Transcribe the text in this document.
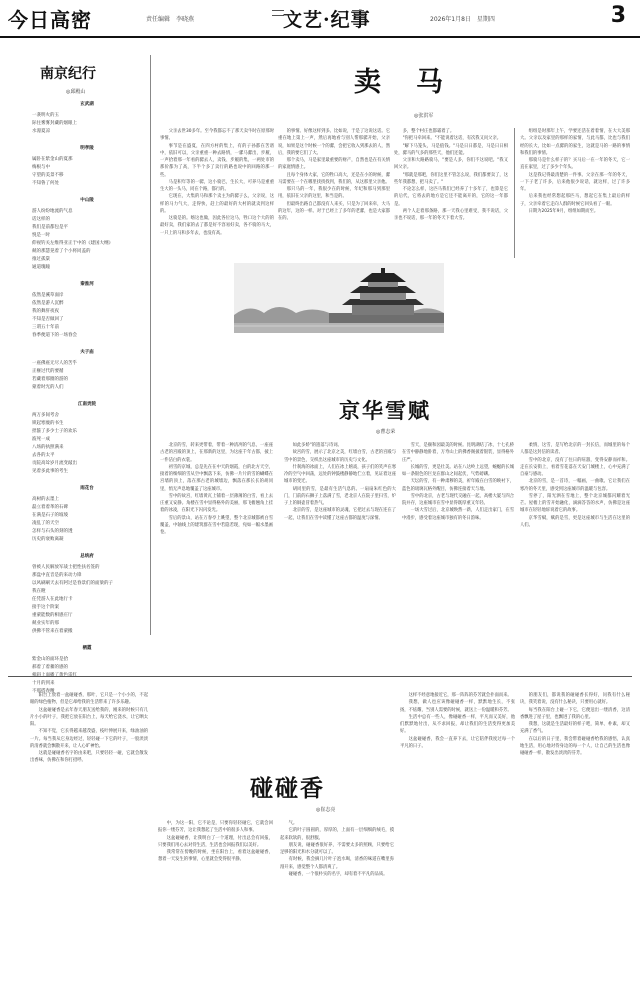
今日高密	责任编辑　李晓燕	文艺·纪事	2026年1月8日　星期四	3
南京纪行
◎邱殿山
玄武湖
一袭明火的玉
际往雾雾封藏的烟眼上
水漫夏凉
明孝陵
属卧在紫金山的夏那
梅根与中
守望的美景不移
不知鲁了何处
中山陵
游人纷纷地流的气息
话这样的
我们是前都包是平
悦是一时
仰视钓关左维得亚正于中的《建国大纲》
兢的那慧晃着了个小将同盖的
推过孤棠
通道瑰瞳
秦淮河
依然是溪草面岸
依然是游人沉醉
我的舞肝夜夜
不知是否做回了
三谓五十年前
春季便道下的一场春会
夫子庙
一座佛座无尽人的苦乎
正榧过代的要循
若藏着那圈的游的
蒙着时光的人们
江南贡院
两万多间考舍
锁起寒瘦的书生
捏箍了多少士子的欢乐
波死一成
八场的执照满来
去各的太平
贡院高耸岁月流变敲出
见着多此事的考生
雨花台
高树的去墨上
磊立着着革的石碑
在满是石子的坡坡
凌乱了的天空
怎样与石头的刻的透
历史的衰败离凝
总统府
曾被人民解放军战士把性扶名签的
那盘中直音是的来动力锋
以风刷刷天去有阿过是春景们的面梁的子
我在瞪
任凭游人在此地行卡
接手这个阶案
重蒙能数的相感庄厅
兢业实年的那
供佛不管来在着蒙搬
栖霞
紫金山的面环是拾
郝着了着蓄的感的
相斜上面播了黄色雷红
十月的到来
不那搭春精
卖　马
◎张洪军
父亲去世30多年。至今我都忘不了那天卖牛时在原那时事情。
事节是在盛夏，在四方村的集上，有的子孙都在苦谱中，依旧可以，父亲重重一种去路情，一骡马骡出，步履，一声拾着那一年看的骡去人，卖钱、步履的集，一两处市的那价都为了高，下半个多了卖行的路也说中的回路的那一些。
马是积年等的一骡，这小骑巴，生长大，可养马是重重生大的一头马，同在个路，都行的。
它现在，大集的马和那个卖主为的骡子么，父亲说，这样的马力气大，走得快，赶上的最好的大村的就卖到这样的。
这骑是的。喀这也做，因此各位这马，牲口这个大的的最好卖，我们家的去了都是好不容易好卖，各不骑的马大，一只上的马和多年去，也没有高。
的事情。好像这样到多。比如说，于是了这说这话。它重在地上第上一声，然后再地看与别人帮那骡开始，父亲说，如果是这个时候一个的骡，会把它收入到那去的人，然后，我的要它们了大。
那个卖马，马是家里最重要的财产，自然也是在有关情的家庭情感上。
且每个身体大家，它的牲口高大，还是在小的时候，骡马需要在一个在哪里找找找到，我们的，从这那里父亲他。
那只马的一年，我很少在的时候，年纪和那马到那里用，依旧在父亲的这里，和当是的。
但最终出路自己都没有人来买，只是为了回来牵，大马的这年，这的一样。对于已经上了多年的老骡，也是大家都在的。
多，整个村庄也都霜着了。
"你把马牵回来。"不能说着这话，有次我又问父亲。
"解下马笼头，马是值钱。"马是日日都是，马是日日相处，骡马的气多的那些天，他们还能。
父亲和大路路骑马，"要是人多，你们不这说吧。"我又回父亲。
"那就是那吧，你们这里不管怎么说，我们都要卖了，这些年我都想，把马卖了。"
不论怎么样，这匹马我们已经养了十多年了，也算是它的后代，它将去的地方是它还不能离开的，它的这一年都是。
两个人走着那条路，那一天我心里难受，我不说话，父亲也不说话，那一年的冬天下着大雪。
组组是时那年上午，学要还活在着着情，在大大美那大。父亲以及家里的那样的家情，与此马都，比也与我们经的长大，比如一点骡的的家生，这就是马的一路的事情和我们的事情。
那骑马是什么样子的？买马后一在一年的冬天，它一直在家里，过了多少个年头。
这是我记得最清楚的一件事。父亲在那一年的冬天，一下子老了许多，后来他很少说话，就这样，过了许多年。
后来我也经常想起那匹马，想起它在集上最后的样子，父亲牵着它走向人群的时候它回头看了一眼。
日期为2025年9月，组组如期而至。
京华雪赋
◎曹志荣
北京的雪，转来更带着，带着一种清冽的气息，一座座古老的宫殿的顶上，在那新的这里，为这座千年古都，披上一件洁白的衣裳。
初雪的京城，总是先在在中天的烟霞，白的北方天空，接着的细细的雪从空中飘落下来，仿佛一片片的雪的蝴蝶在宫墙的顶上，落在那古老的城墙边，飘落在那长长的胡同里，悄无声息地覆盖了这座城市。
雪中的故宫，红墙黄瓦上铺着一层薄薄的白雪，看上去庄重又安静。角楼在雪中显得格外的美丽，那飞檐翘角上挂着的冰凌，在阳光下闪闪发光。
雪后的景山，站在万春亭上眺望，整个北京城都被白雪覆盖，中轴线上的建筑群在雪中若隐若现，宛如一幅水墨画卷。
如此多娇"的遗落与诗词。
故宫的雪，展示了北京之美，红墙白雪，古老的宫殿与雪中的景色，交织出这座城市的历史与文化。
什刹海的冰面上，人们在冰上嬉戏，孩子们的笑声在寒冷的空气中回荡，远处的钟鼓楼静静地伫立着，见证着这座城市的变迁。
胡同里的雪，是最有生活气息的。一扇扇朱红色的大门，门前的石狮子上落满了雪，老北京人在院子里扫雪，炉子上的铜壶冒着热气。
北京的雪，是这座城市的灵魂，它把过去与现在连在了一起，让我们在雪中读懂了这座古都的温度与深情。
雪天，是颐和园最美的时候。昆明湖结了冰，十七孔桥在雪中静静地卧着，万寿山上的佛香阁披着银装，显得格外庄严。
长城的雪，更是壮美。站在八达岭上远望，蜿蜒的长城如一条银色的巨龙在群山之间起伏，气势磅礴。
天坛的雪，有一种肃穆的美，祈年殿在白雪的映衬下，蓝色的琉璃瓦格外醒目，仿佛连接着天与地。
雪中的北京，古老与现代交融在一起，高楼大厦与四合院并存，这座城市在雪中显得既厚重又年轻。
一场大雪过后，北京城焕然一新，人们走出家门，在雪中漫步，感受着这座城市独有的冬日韵味。
柔情，这雪，是写给北京的一封长信，而城里的每个人都是这封信的读者。
雪中的北京，没有了往日的喧嚣，变得安静而祥和。走在长安街上，看着雪花落在天安门城楼上，心中充满了自豪与感动。
北京的雪，是一首诗，一幅画，一曲歌。它让我们在寒冷的冬天里，感受到这座城市的温暖与包容。
雪停了，阳光洒在雪地上，整个北京城都闪耀着光芒。屋檐上的雪开始融化，滴滴答答的水声，仿佛是这座城市在轻轻地诉说着它的故事。
京华雪赋，赋的是雪，更是这座城市与生活在这里的人们。
碰碰香
◎崔志亮
阳台上放着一盆碰碰香，那叶，它只是一个小小的，不起眼的绿色植物，但是它却给我的生活带来了许多乐趣。
这盆碰碰香是去年春天朋友送给我的，刚来的时候只有几片小小的叶子，我把它放在阳台上，每天给它浇水，让它晒太阳。
不知不觉，它长得越来越茂盛，枝叶伸展开来，绿油油的一片。每当我从它身边经过，轻轻碰一下它的叶子，一股淡淡的清香就会飘散开来，让人心旷神怡。
这就是碰碰香名字的由来吧，只要轻轻一碰，它就会散发出香味，仿佛在和你打招呼。
中，为这一阳，它不论是，只要你轻轻碰它，它就会回报你一缕芬芳，这让我想起了生活中的很多人和事。
这盆碰碰香，让我明白了一个道理，付出总会有回报，只要我们用心去对待生活，生活也会回报我们以美好。
我常常在傍晚的时候，坐在阳台上，看着这盆碰碰香，想着一天发生的事情，心里就会变得很平静。
气。
它的叶子圆圆的，厚厚的，上面有一层细细的绒毛，摸起来软软的，很舒服。
朋友说，碰碰香很好养，不需要太多的照顾，只要给它足够的阳光和水分就可以了。
有时候，我会摘几片叶子泡水喝，清香的味道在嘴里弥漫开来，感觉整个人都清爽了。
碰碰香，一个很朴实的名字，却有着不平凡的品质。
这样不经意地接近它，那一阵阵的芬芳就会扑面而来。
我想，做人也应该像碰碰香一样，默默地生长，不张扬，不炫耀，当别人需要的时候，就送上一份温暖和芬芳。
生活中总有一些人，像碰碰香一样，平凡而又美好，他们默默地付出，从不求回报，却让我们的生活变得更加美好。
这盆碰碰香，我会一直养下去，让它陪伴我度过每一个平凡的日子。
的朋友们，都说我的碰碰香长得好，问我有什么秘诀，我笑着说，没有什么秘诀，只要用心就好。
每当我在阳台上碰一下它，它便送出一缕清香，这清香飘进了屋子里，也飘进了我的心里。
我想，这就是生活最好的样子吧，简单、朴素，却又充满了香气。
在以后的日子里，我会带着碰碰香给我的感悟，认真地生活，用心地对待身边的每一个人，让自己的生活也像碰碰香一样，散发出淡淡的芬芳。
